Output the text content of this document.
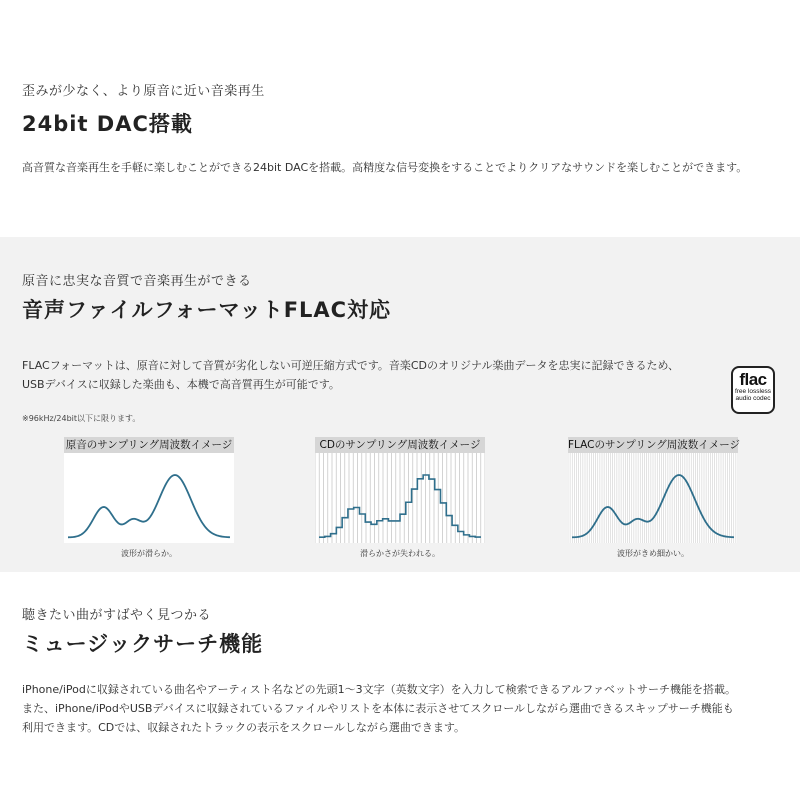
歪みが少なく、より原音に近い音楽再生
24bit DAC搭載
高音質な音楽再生を手軽に楽しむことができる24bit DACを搭載。高精度な信号変換をすることでよりクリアなサウンドを楽しむことができます。
原音に忠実な音質で音楽再生ができる
音声ファイルフォーマットFLAC対応
FLACフォーマットは、原音に対して音質が劣化しない可逆圧縮方式です。音楽CDのオリジナル楽曲データを忠実に記録できるため、
USBデバイスに収録した楽曲も、本機で高音質再生が可能です。
※96kHz/24bit以下に限ります。
flac
free lossless
audio codec
原音のサンプリング周波数イメージ
波形が滑らか。
CDのサンプリング周波数イメージ
滑らかさが失われる。
FLACのサンプリング周波数イメージ
波形がきめ細かい。
聴きたい曲がすばやく見つかる
ミュージックサーチ機能
iPhone/iPodに収録されている曲名やアーティスト名などの先頭1～3文字（英数文字）を入力して検索できるアルファベットサーチ機能を搭載。
また、iPhone/iPodやUSBデバイスに収録されているファイルやリストを本体に表示させてスクロールしながら選曲できるスキップサーチ機能も
利用できます。CDでは、収録されたトラックの表示をスクロールしながら選曲できます。
